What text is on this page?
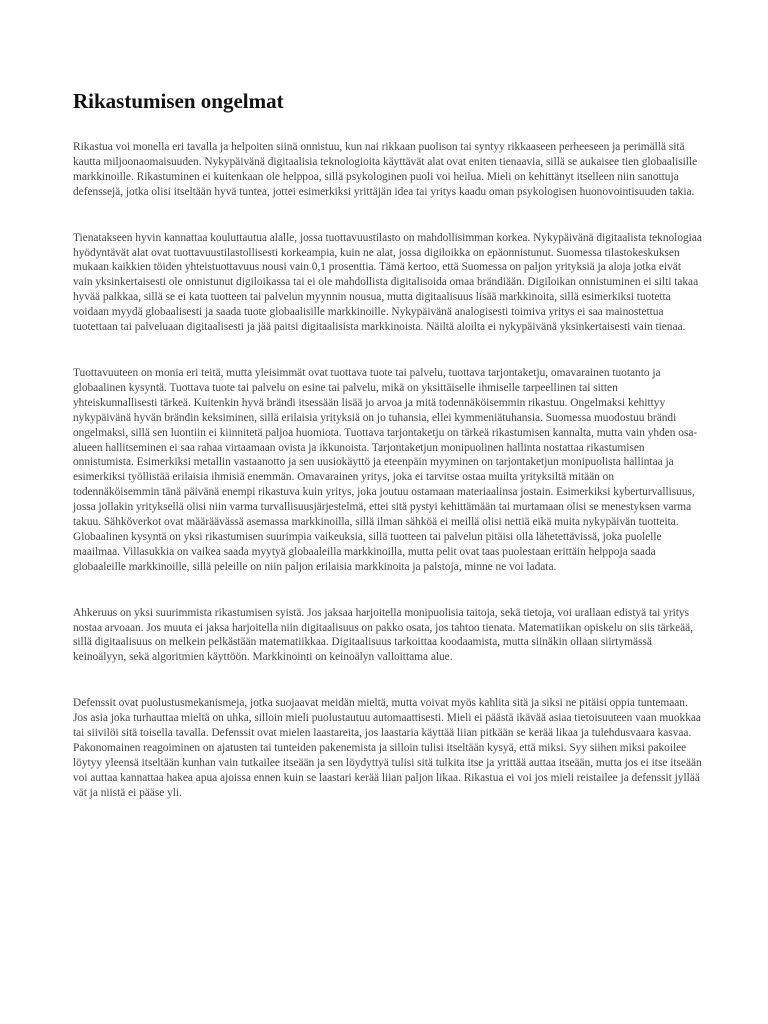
Rikastumisen ongelmat

Rikastua voi monella eri tavalla ja helpoiten siinä onnistuu, kun nai rikkaan puolison tai syntyy rikkaaseen perheeseen ja perimällä sitä kautta miljoonaomaisuuden. Nykypäivänä digitaalisia teknologioita käyttävät alat ovat eniten tienaavia, sillä se aukaisee tien globaalisille markkinoille. Rikastuminen ei kuitenkaan ole helppoa, sillä psykologinen puoli voi heilua. Mieli on kehittänyt itselleen niin sanottuja defenssejä, jotka olisi itseltään hyvä tuntea, jottei esimerkiksi yrittäjän idea tai yritys kaadu oman psykologisen huonovointisuuden takia.

Tienatakseen hyvin kannattaa kouluttautua alalle, jossa tuottavuustilasto on mahdollisimman korkea. Nykypäivänä digitaalista teknologiaa hyödyntävät alat ovat tuottavuustilastollisesti korkeampia, kuin ne alat, jossa digiloikka on epäonnistunut. Suomessa tilastokeskuksen mukaan kaikkien töiden yhteistuottavuus nousi vain 0,1 prosenttia. Tämä kertoo, että Suomessa on paljon yrityksiä ja aloja jotka eivät vain yksinkertaisesti ole onnistunut digiloikassa tai ei ole mahdollista digitalisoida omaa brändiään. Digiloikan onnistuminen ei silti takaa hyvää palkkaa, sillä se ei kata tuotteen tai palvelun myynnin nousua, mutta digitaalisuus lisää markkinoita, sillä esimerkiksi tuotetta voidaan myydä globaalisesti ja saada tuote globaalisille markkinoille. Nykypäivänä analogisesti toimiva yritys ei saa mainostettua tuotettaan tai palveluaan digitaalisesti ja jää paitsi digitaalisista markkinoista. Näiltä aloilta ei nykypäivänä yksinkertaisesti vain tienaa.

Tuottavuuteen on monia eri teitä, mutta yleisimmät ovat tuottava tuote tai palvelu, tuottava tarjontaketju, omavarainen tuotanto ja globaalinen kysyntä. Tuottava tuote tai palvelu on esine tai palvelu, mikä on yksittäiselle ihmiselle tarpeellinen tai sitten yhteiskunnallisesti tärkeä. Kuitenkin hyvä brändi itsessään lisää jo arvoa ja mitä todennäköisemmin rikastuu. Ongelmaksi kehittyy nykypäivänä hyvän brändin keksiminen, sillä erilaisia yrityksiä on jo tuhansia, ellei kymmeniätuhansia. Suomessa muodostuu brändi ongelmaksi, sillä sen luontiin ei kiinnitetä paljoa huomiota. Tuottava tarjontaketju on tärkeä rikastumisen kannalta, mutta vain yhden osa-alueen hallitseminen ei saa rahaa virtaamaan ovista ja ikkunoista. Tarjontaketjun monipuolinen hallinta nostattaa rikastumisen onnistumista. Esimerkiksi metallin vastaanotto ja sen uusiokäyttö ja eteenpäin myyminen on tarjontaketjun monipuolista hallintaa ja esimerkiksi työllistää erilaisia ihmisiä enemmän. Omavarainen yritys, joka ei tarvitse ostaa muilta yrityksiltä mitään on todennäköisemmin tänä päivänä enempi rikastuva kuin yritys, joka joutuu ostamaan materiaalinsa jostain. Esimerkiksi kyberturvallisuus, jossa jollakin yrityksellä olisi niin varma turvallisuusjärjestelmä, ettei sitä pystyi kehittämään tai murtamaan olisi se menestyksen varma takuu. Sähköverkot ovat määräävässä asemassa markkinoilla, sillä ilman sähköä ei meillä olisi nettiä eikä muita nykypäivän tuotteita. Globaalinen kysyntä on yksi rikastumisen suurimpia vaikeuksia, sillä tuotteen tai palvelun pitäisi olla lähetettävissä, joka puolelle maailmaa. Villasukkia on vaikea saada myytyä globaaleilla markkinoilla, mutta pelit ovat taas puolestaan erittäin helppoja saada globaaleille markkinoille, sillä peleille on niin paljon erilaisia markkinoita ja palstoja, minne ne voi ladata.

Ahkeruus on yksi suurimmista rikastumisen syistä. Jos jaksaa harjoitella monipuolisia taitoja, sekä tietoja, voi urallaan edistyä tai yritys nostaa arvoaan. Jos muuta ei jaksa harjoitella niin digitaalisuus on pakko osata, jos tahtoo tienata. Matematiikan opiskelu on siis tärkeää, sillä digitaalisuus on melkein pelkästään matematiikkaa. Digitaalisuus tarkoittaa koodaamista, mutta siinäkin ollaan siirtymässä keinoälyyn, sekä algoritmien käyttöön. Markkinointi on keinoälyn valloittama alue.

Defenssit ovat puolustusmekanismeja, jotka suojaavat meidän mieltä, mutta voivat myös kahlita sitä ja siksi ne pitäisi oppia tuntemaan. Jos asia joka turhauttaa mieltä on uhka, silloin mieli puolustautuu automaattisesti. Mieli ei päästä ikävää asiaa tietoisuuteen vaan muokkaa tai siivilöi sitä toisella tavalla. Defenssit ovat mielen laastareita, jos laastaria käyttää liian pitkään se kerää likaa ja tulehdusvaara kasvaa. Pakonomainen reagoiminen on ajatusten tai tunteiden pakenemista ja silloin tulisi itseltään kysyä, että miksi. Syy siihen miksi pakoilee löytyy yleensä itseltään kunhan vain tutkailee itseään ja sen löydyttyä tulisi sitä tulkita itse ja yrittää auttaa itseään, mutta jos ei itse itseään voi auttaa kannattaa hakea apua ajoissa ennen kuin se laastari kerää liian paljon likaa. Rikastua ei voi jos mieli reistailee ja defenssit jyllää​vät ja niistä ei pääse yli.
